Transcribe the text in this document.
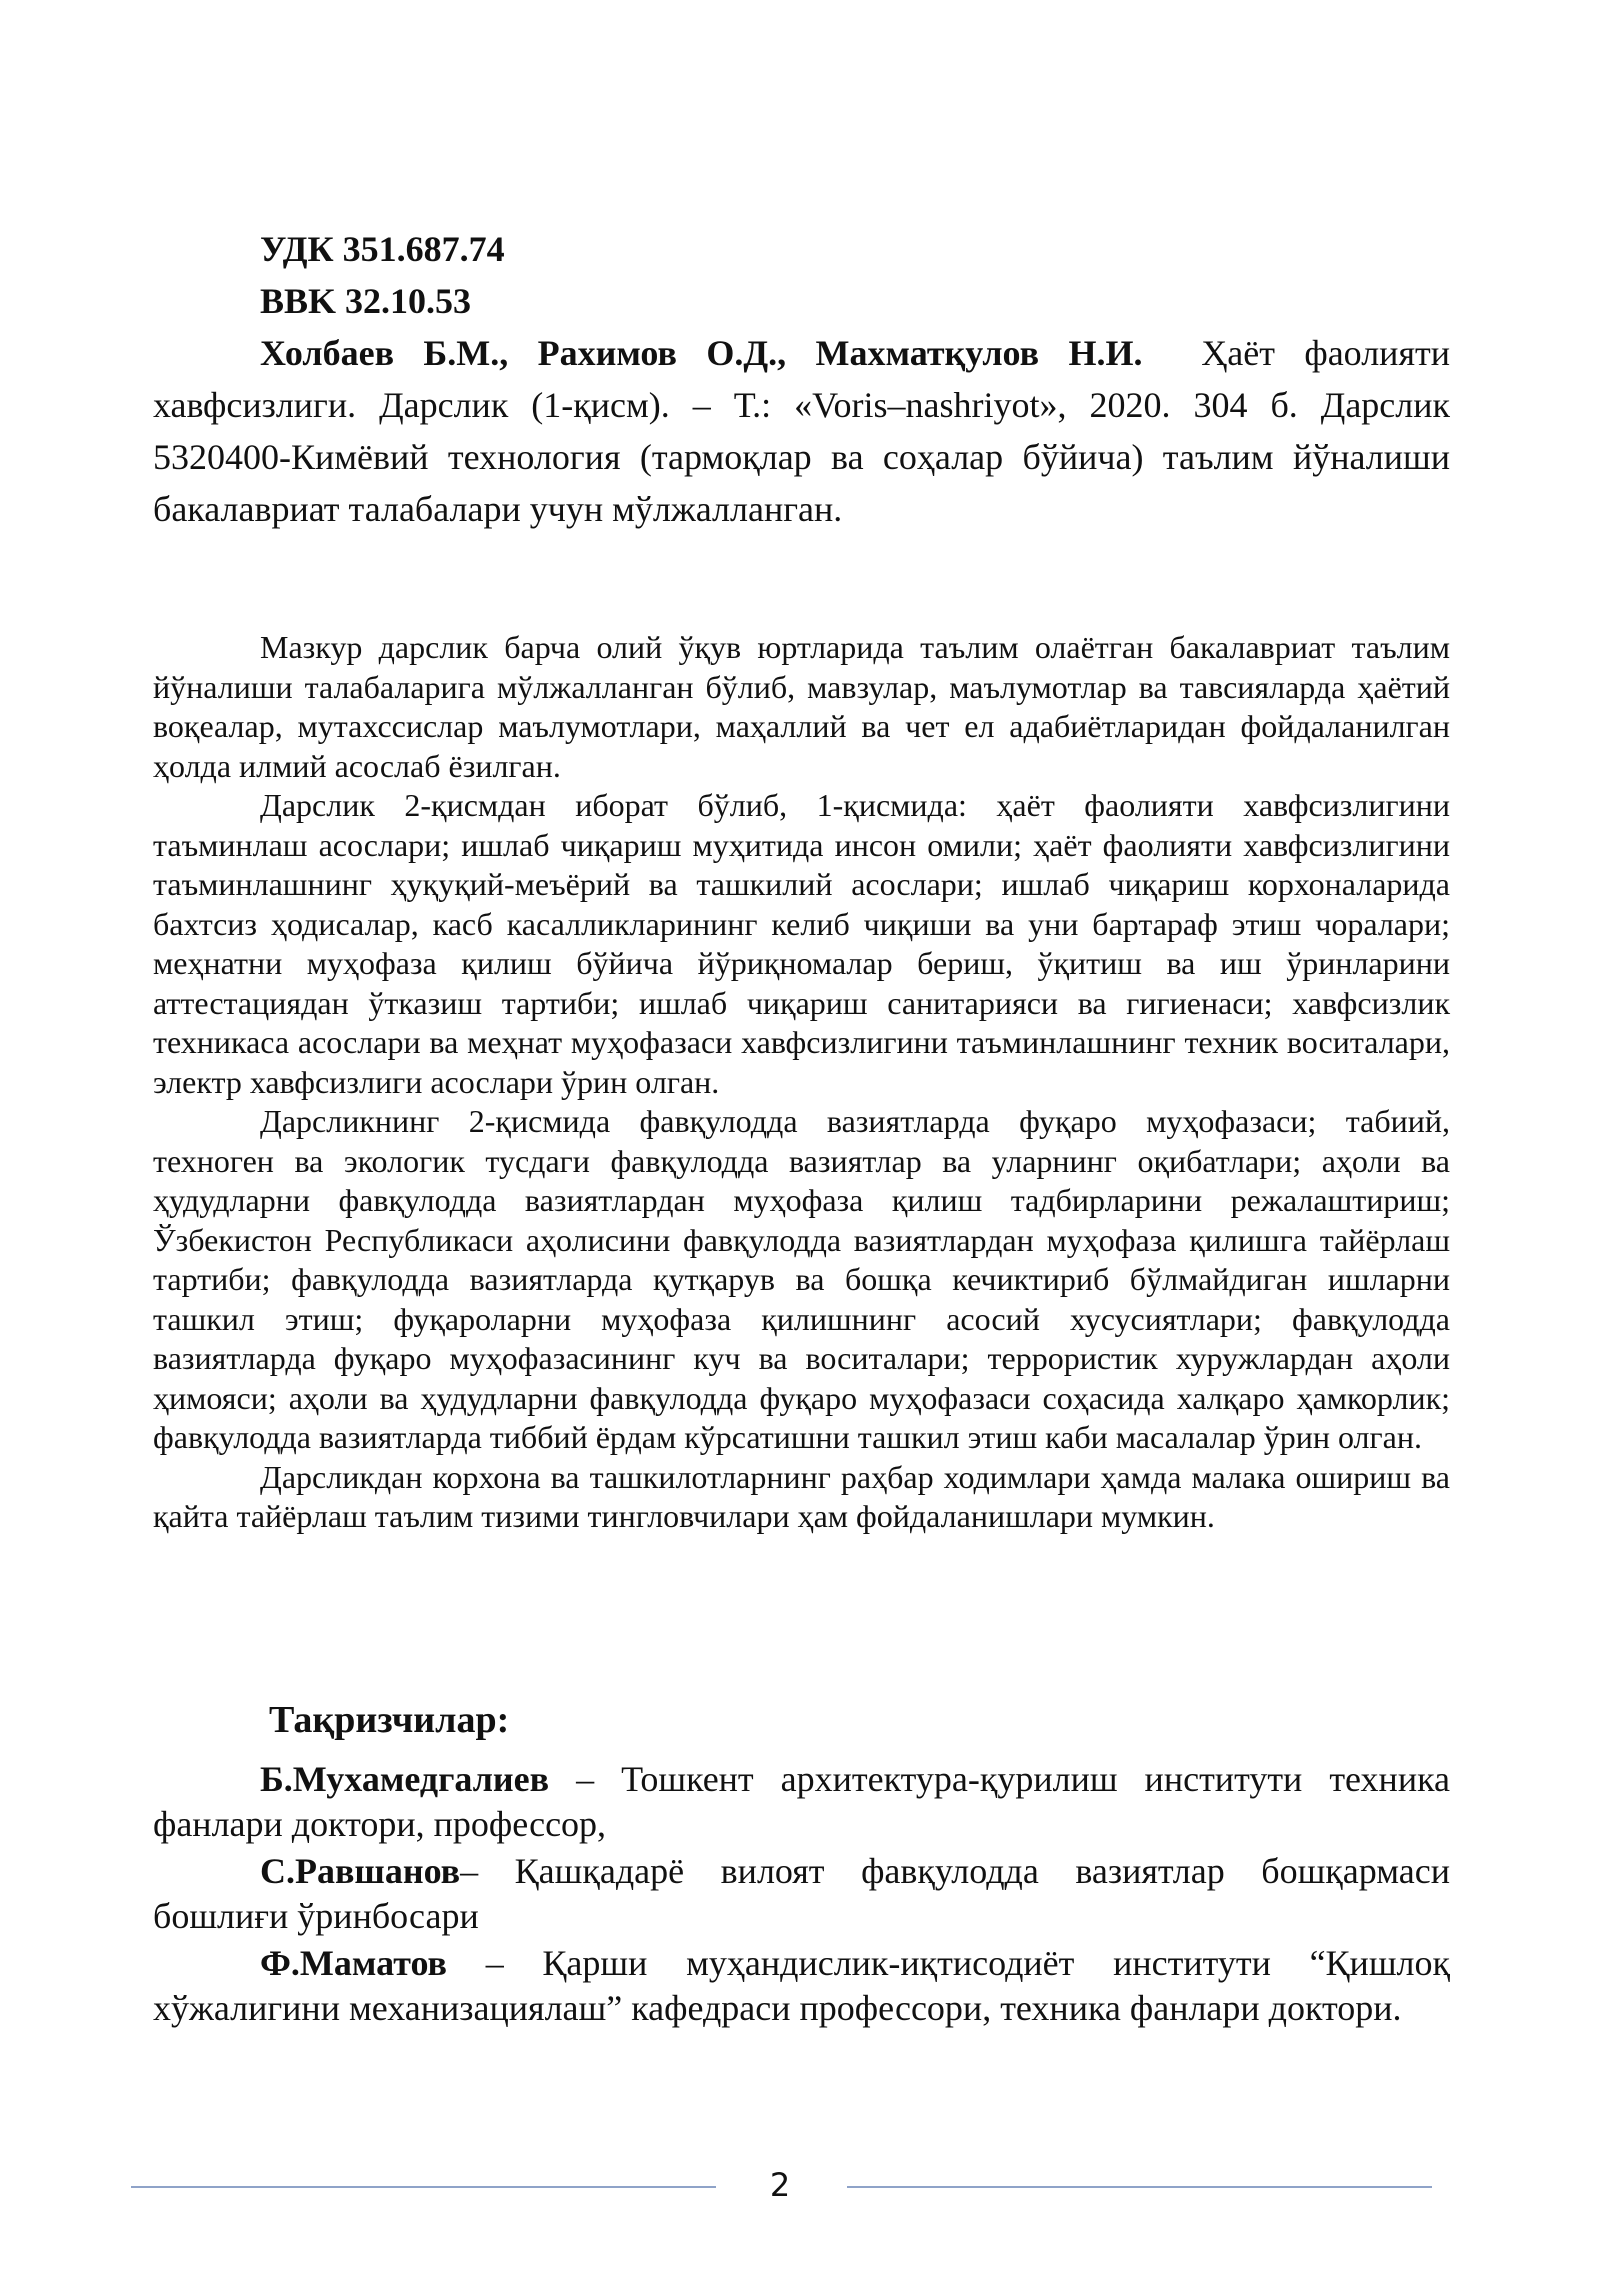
УДК 351.687.74
BBK 32.10.53

Холбаев Б.М., Рахимов О.Д., Махматқулов Н.И. Ҳаёт фаолияти хавфсизлиги. Дарслик (1-қисм). – Т.: «Voris–nashriyot», 2020. 304 б. Дарслик 5320400-Кимёвий технология (тармоқлар ва соҳалар бўйича) таълим йўналиши бакалавриат талабалари учун мўлжалланган.

Мазкур дарслик барча олий ўқув юртларида таълим олаётган бакалавриат таълим йўналиши талабаларига мўлжалланган бўлиб, мавзулар, маълумотлар ва тавсияларда ҳаётий воқеалар, мутахссислар маълумотлари, маҳаллий ва чет ел адабиётларидан фойдаланилган ҳолда илмий асослаб ёзилган.

Дарслик 2-қисмдан иборат бўлиб, 1-қисмида: ҳаёт фаолияти хавфсизлигини таъминлаш асослари; ишлаб чиқариш муҳитида инсон омили; ҳаёт фаолияти хавфсизлигини таъминлашнинг ҳуқуқий-меъёрий ва ташкилий асослари; ишлаб чиқариш корхоналарида бахтсиз ҳодисалар, касб касалликларининг келиб чиқиши ва уни бартараф этиш чоралари; меҳнатни муҳофаза қилиш бўйича йўриқномалар бериш, ўқитиш ва иш ўринларини аттестациядан ўтказиш тартиби; ишлаб чиқариш санитарияси ва гигиенаси; хавфсизлик техникаса асослари ва меҳнат муҳофазаси хавфсизлигини таъминлашнинг техник воситалари, электр хавфсизлиги асослари ўрин олган.

Дарсликнинг 2-қисмида фавқулодда вазиятларда фуқаро муҳофазаси; табиий, техноген ва экологик тусдаги фавқулодда вазиятлар ва уларнинг оқибатлари; аҳоли ва ҳудудларни фавқулодда вазиятлардан муҳофаза қилиш тадбирларини режалаштириш; Ўзбекистон Республикаси аҳолисини фавқулодда вазиятлардан муҳофаза қилишга тайёрлаш тартиби; фавқулодда вазиятларда қутқарув ва бошқа кечиктириб бўлмайдиган ишларни ташкил этиш; фуқароларни муҳофаза қилишнинг асосий хусусиятлари; фавқулодда вазиятларда фуқаро муҳофазасининг куч ва воситалари; террористик хуружлардан аҳоли ҳимояси; аҳоли ва ҳудудларни фавқулодда фуқаро муҳофазаси соҳасида халқаро ҳамкорлик; фавқулодда вазиятларда тиббий ёрдам кўрсатишни ташкил этиш каби масалалар ўрин олган.

Дарсликдан корхона ва ташкилотларнинг раҳбар ходимлари ҳамда малака ошириш ва қайта тайёрлаш таълим тизими тингловчилари ҳам фойдаланишлари мумкин.

Тақризчилар:

Б.Мухамедгалиев – Тошкент архитектура-қурилиш институти техника фанлари доктори, профессор,

С.Равшанов– Қашқадарё вилоят фавқулодда вазиятлар бошқармаси бошлиғи ўринбосари

Ф.Маматов – Қарши муҳандислик-иқтисодиёт институти “Қишлоқ хўжалигини механизациялаш” кафедраси профессори, техника фанлари доктори.

2
